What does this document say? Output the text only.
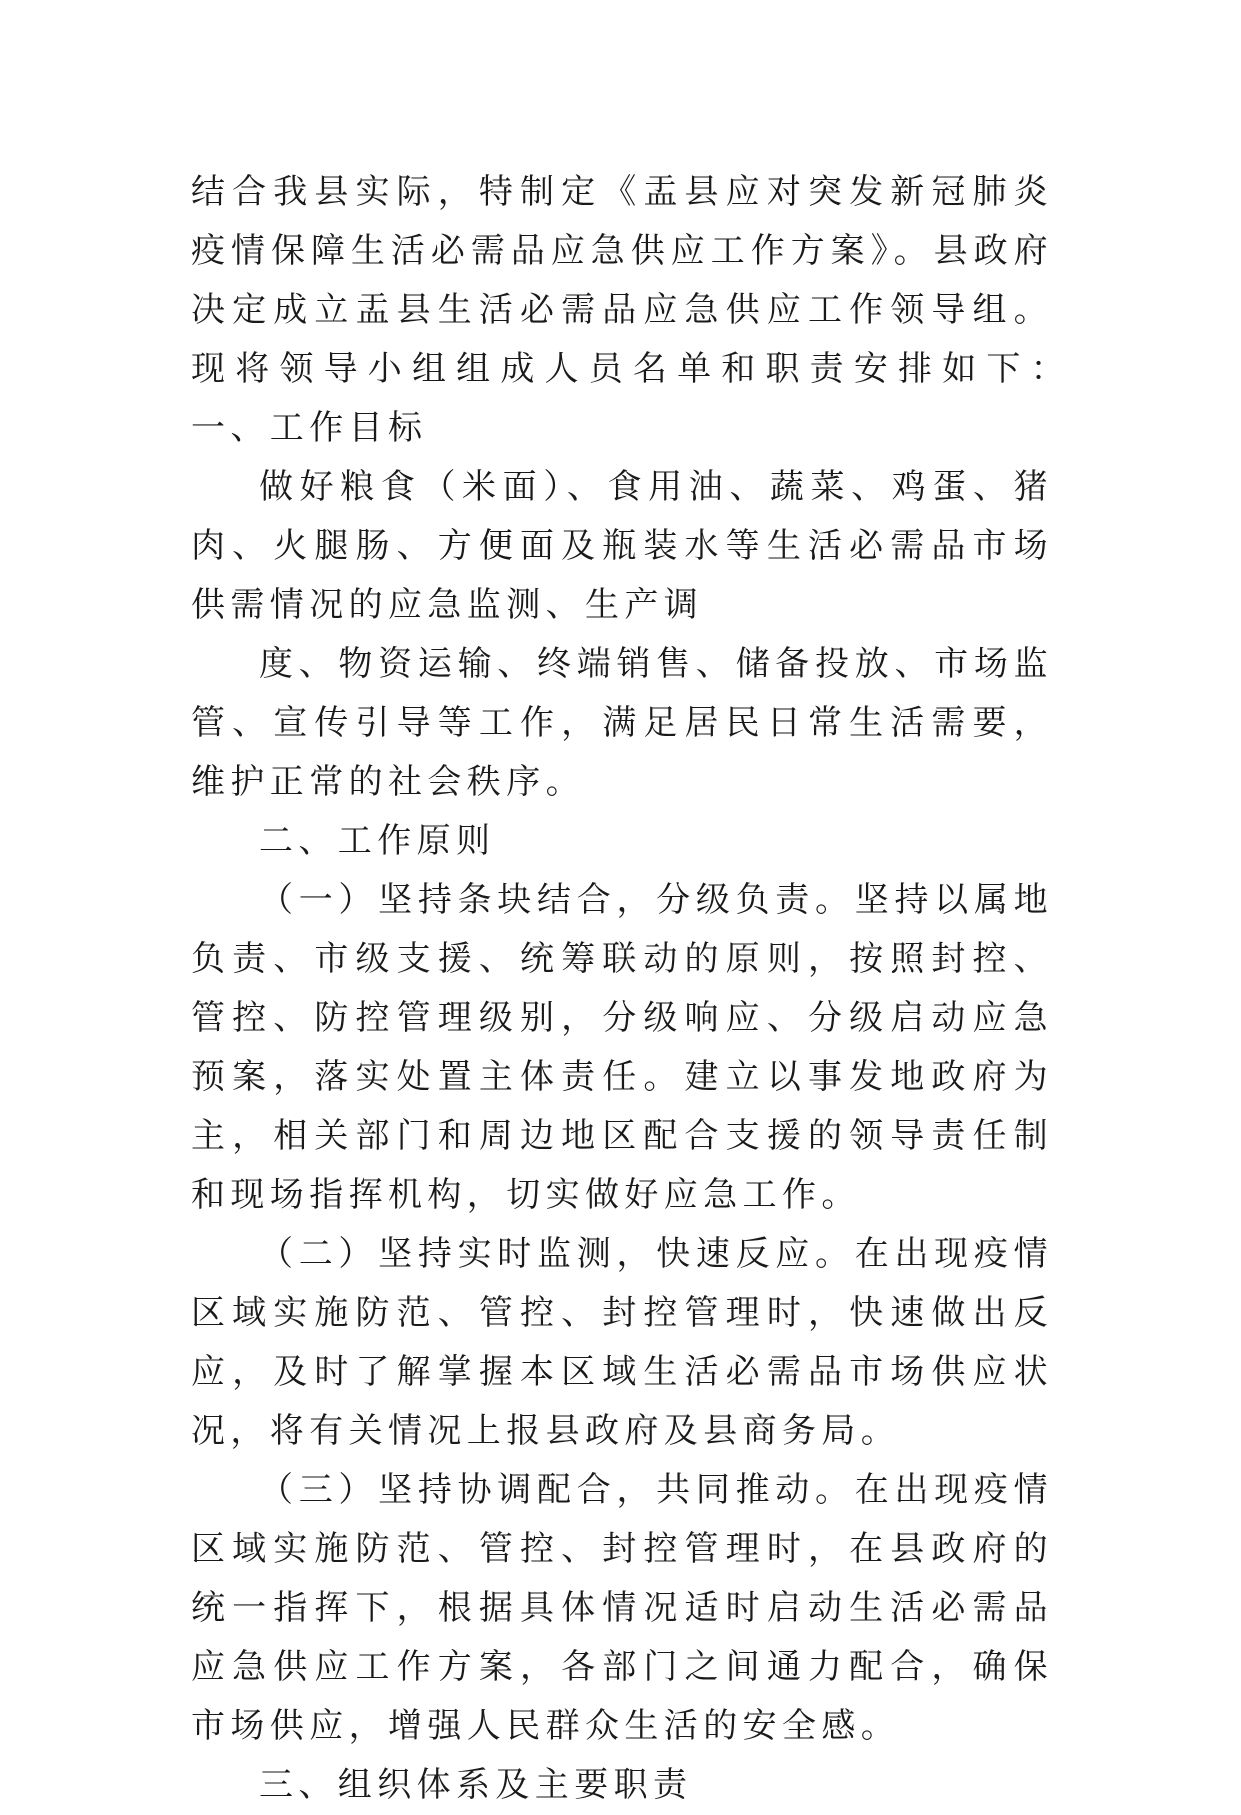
结合我县实际，特制定《盂县应对突发新冠肺炎疫情保障生活必需品应急供应工作方案》。县政府决定成立盂县生活必需品应急供应工作领导组。现将领导小组组成人员名单和职责安排如下：　　　一、工作目标

做好粮食（米面）、食用油、蔬菜、鸡蛋、猪肉、火腿肠、方便面及瓶装水等生活必需品市场供需情况的应急监测、生产调

度、物资运输、终端销售、储备投放、市场监管、宣传引导等工作，满足居民日常生活需要，维护正常的社会秩序。

二、工作原则

（一）坚持条块结合，分级负责。坚持以属地负责、市级支援、统筹联动的原则，按照封控、管控、防控管理级别，分级响应、分级启动应急预案，落实处置主体责任。建立以事发地政府为主，相关部门和周边地区配合支援的领导责任制和现场指挥机构，切实做好应急工作。

（二）坚持实时监测，快速反应。在出现疫情区域实施防范、管控、封控管理时，快速做出反应，及时了解掌握本区域生活必需品市场供应状况，将有关情况上报县政府及县商务局。

（三）坚持协调配合，共同推动。在出现疫情区域实施防范、管控、封控管理时，在县政府的统一指挥下，根据具体情况适时启动生活必需品应急供应工作方案，各部门之间通力配合，确保市场供应，增强人民群众生活的安全感。

三、组织体系及主要职责
